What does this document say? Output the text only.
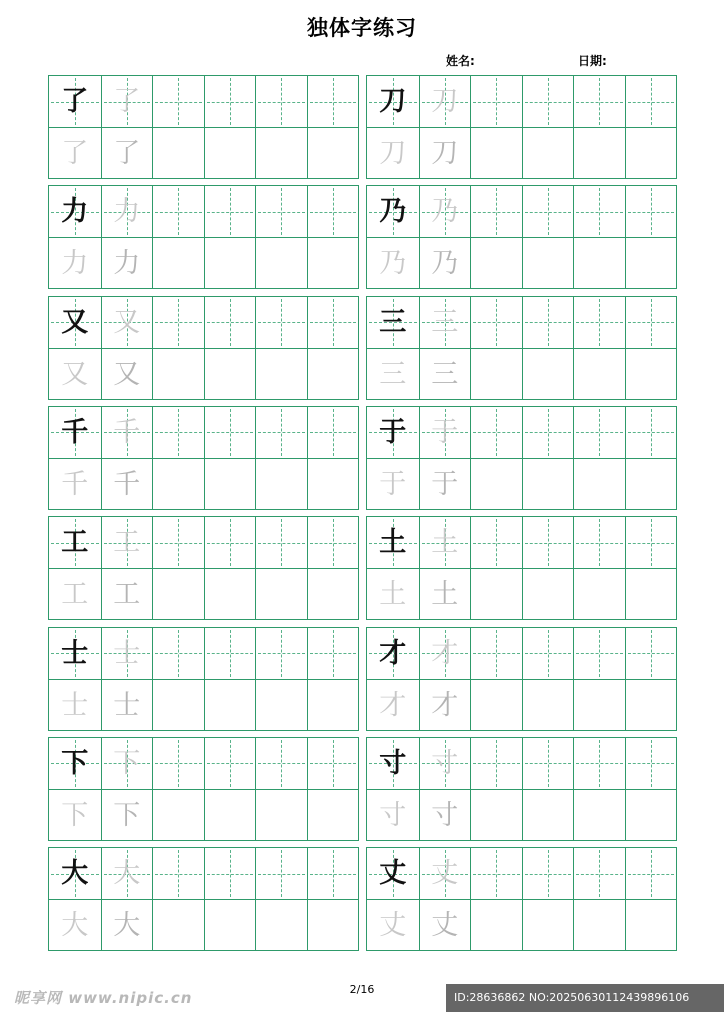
独体字练习
姓名:	日期:
了 了
了 了
刀 刀
刀 刀
力 力
力 力
乃 乃
乃 乃
又 又
又 又
三 三
三 三
千 千
千 千
于 于
于 于
工 工
工 工
土 土
土 土
士 士
士 士
才 才
才 才
下 下
下 下
寸 寸
寸 寸
大 大
大 大
丈 丈
丈 丈
2/16
昵享网 www.nipic.cn	ID:28636862 NO:20250630112439896106
